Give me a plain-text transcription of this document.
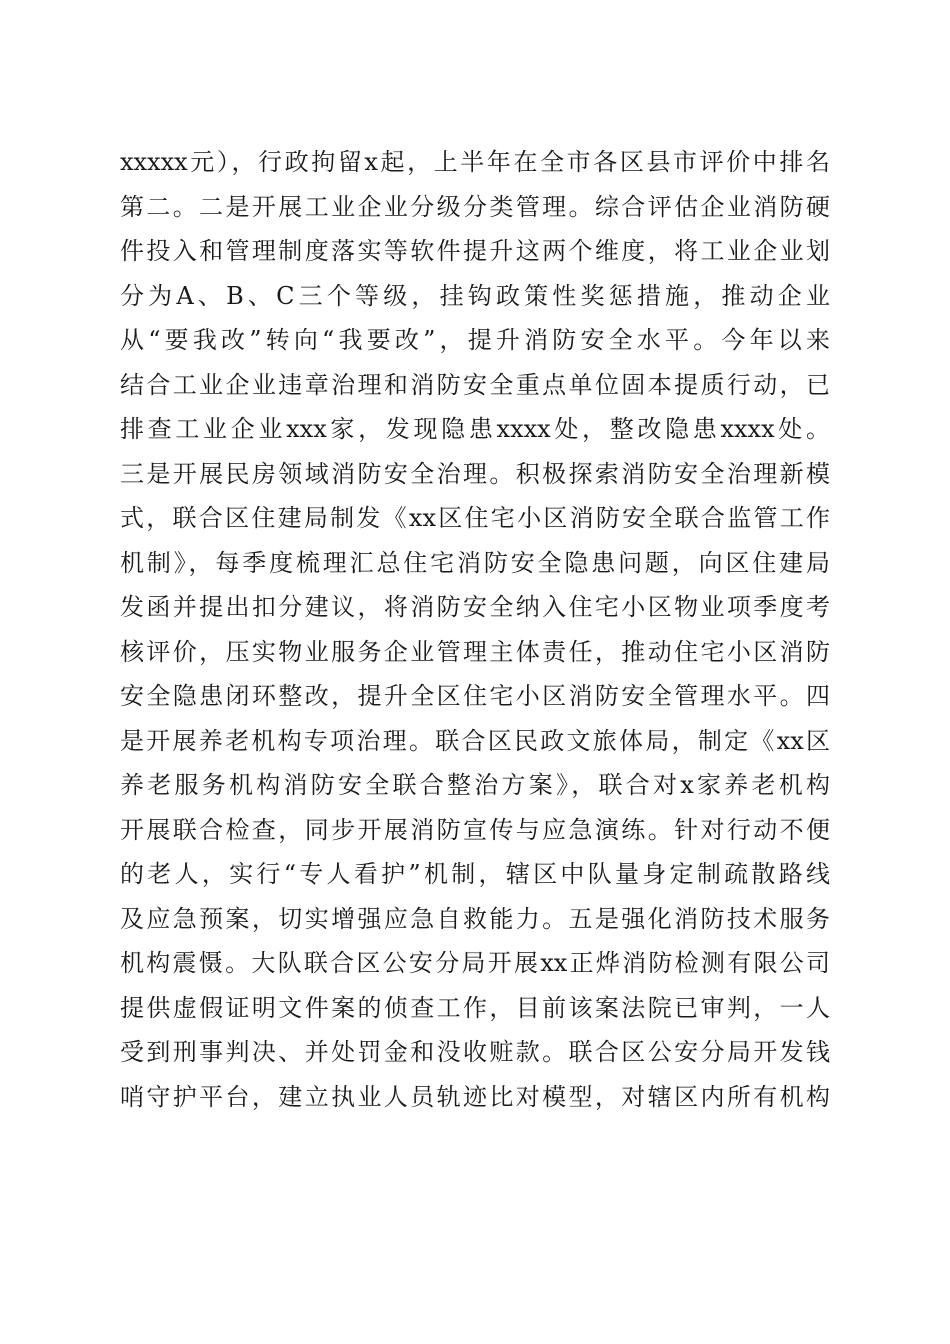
xxxxx元），行政拘留x起，上半年在全市各区县市评价中排名
第二。二是开展工业企业分级分类管理。综合评估企业消防硬
件投入和管理制度落实等软件提升这两个维度，将工业企业划
分为A、B、C三个等级，挂钩政策性奖惩措施，推动企业
从“要我改”转向“我要改”，提升消防安全水平。今年以来
结合工业企业违章治理和消防安全重点单位固本提质行动，已
排查工业企业xxx家，发现隐患xxxx处，整改隐患xxxx处。
三是开展民房领域消防安全治理。积极探索消防安全治理新模
式，联合区住建局制发《xx区住宅小区消防安全联合监管工作
机制》，每季度梳理汇总住宅消防安全隐患问题，向区住建局
发函并提出扣分建议，将消防安全纳入住宅小区物业项季度考
核评价，压实物业服务企业管理主体责任，推动住宅小区消防
安全隐患闭环整改，提升全区住宅小区消防安全管理水平。四
是开展养老机构专项治理。联合区民政文旅体局，制定《xx区
养老服务机构消防安全联合整治方案》，联合对x家养老机构
开展联合检查，同步开展消防宣传与应急演练。针对行动不便
的老人，实行“专人看护”机制，辖区中队量身定制疏散路线
及应急预案，切实增强应急自救能力。五是强化消防技术服务
机构震慑。大队联合区公安分局开展xx正烨消防检测有限公司
提供虚假证明文件案的侦查工作，目前该案法院已审判，一人
受到刑事判决、并处罚金和没收赃款。联合区公安分局开发钱
哨守护平台，建立执业人员轨迹比对模型，对辖区内所有机构
